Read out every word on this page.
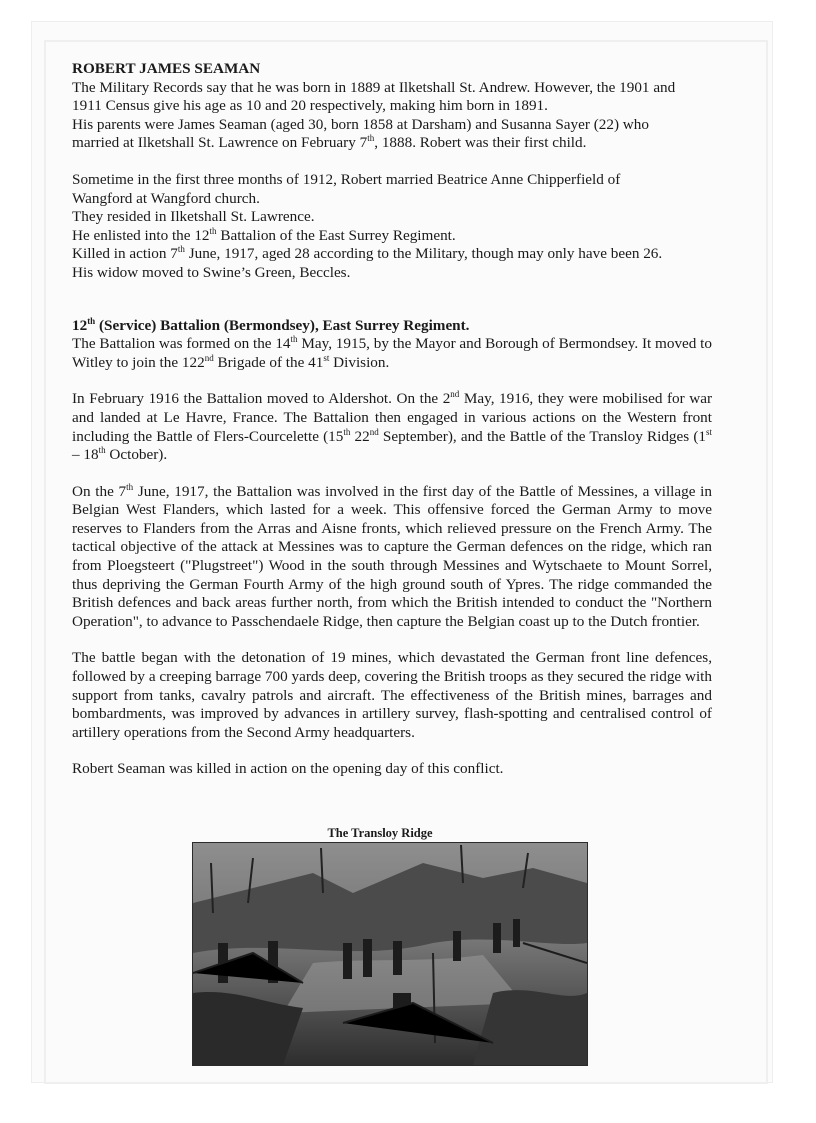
ROBERT JAMES SEAMAN

The Military Records say that he was born in 1889 at Ilketshall St. Andrew. However, the 1901 and

1911 Census give his age as 10 and 20 respectively, making him born in 1891.

His parents were James Seaman (aged 30, born 1858 at Darsham) and Susanna Sayer (22) who

married at Ilketshall St. Lawrence on February 7th, 1888. Robert was their first child.

Sometime in the first three months of 1912, Robert married Beatrice Anne Chipperfield of

Wangford at Wangford church.

They resided in Ilketshall St. Lawrence.

He enlisted into the 12th Battalion of the East Surrey Regiment.

Killed in action 7th June, 1917, aged 28 according to the Military, though may only have been 26.

His widow moved to Swine’s Green, Beccles.

12th (Service) Battalion (Bermondsey), East Surrey Regiment.

The Battalion was formed on the 14th May, 1915, by the Mayor and Borough of Bermondsey. It moved to Witley to join the 122nd Brigade of the 41st Division.

In February 1916 the Battalion moved to Aldershot. On the 2nd May, 1916, they were mobilised for war and landed at Le Havre, France. The Battalion then engaged in various actions on the Western front including the Battle of Flers-Courcelette (15th 22nd September), and the Battle of the Transloy Ridges (1st – 18th October).

On the 7th June, 1917, the Battalion was involved in the first day of the Battle of Messines, a village in Belgian West Flanders, which lasted for a week. This offensive forced the German Army to move reserves to Flanders from the Arras and Aisne fronts, which relieved pressure on the French Army. The tactical objective of the attack at Messines was to capture the German defences on the ridge, which ran from Ploegsteert ("Plugstreet") Wood in the south through Messines and Wytschaete to Mount Sorrel, thus depriving the German Fourth Army of the high ground south of Ypres. The ridge commanded the British defences and back areas further north, from which the British intended to conduct the "Northern Operation", to advance to Passchendaele Ridge, then capture the Belgian coast up to the Dutch frontier.

The battle began with the detonation of 19 mines, which devastated the German front line defences, followed by a creeping barrage 700 yards deep, covering the British troops as they secured the ridge with support from tanks, cavalry patrols and aircraft. The effectiveness of the British mines, barrages and bombardments, was improved by advances in artillery survey, flash-spotting and centralised control of artillery operations from the Second Army headquarters.

Robert Seaman was killed in action on the opening day of this conflict.

The Transloy Ridge
